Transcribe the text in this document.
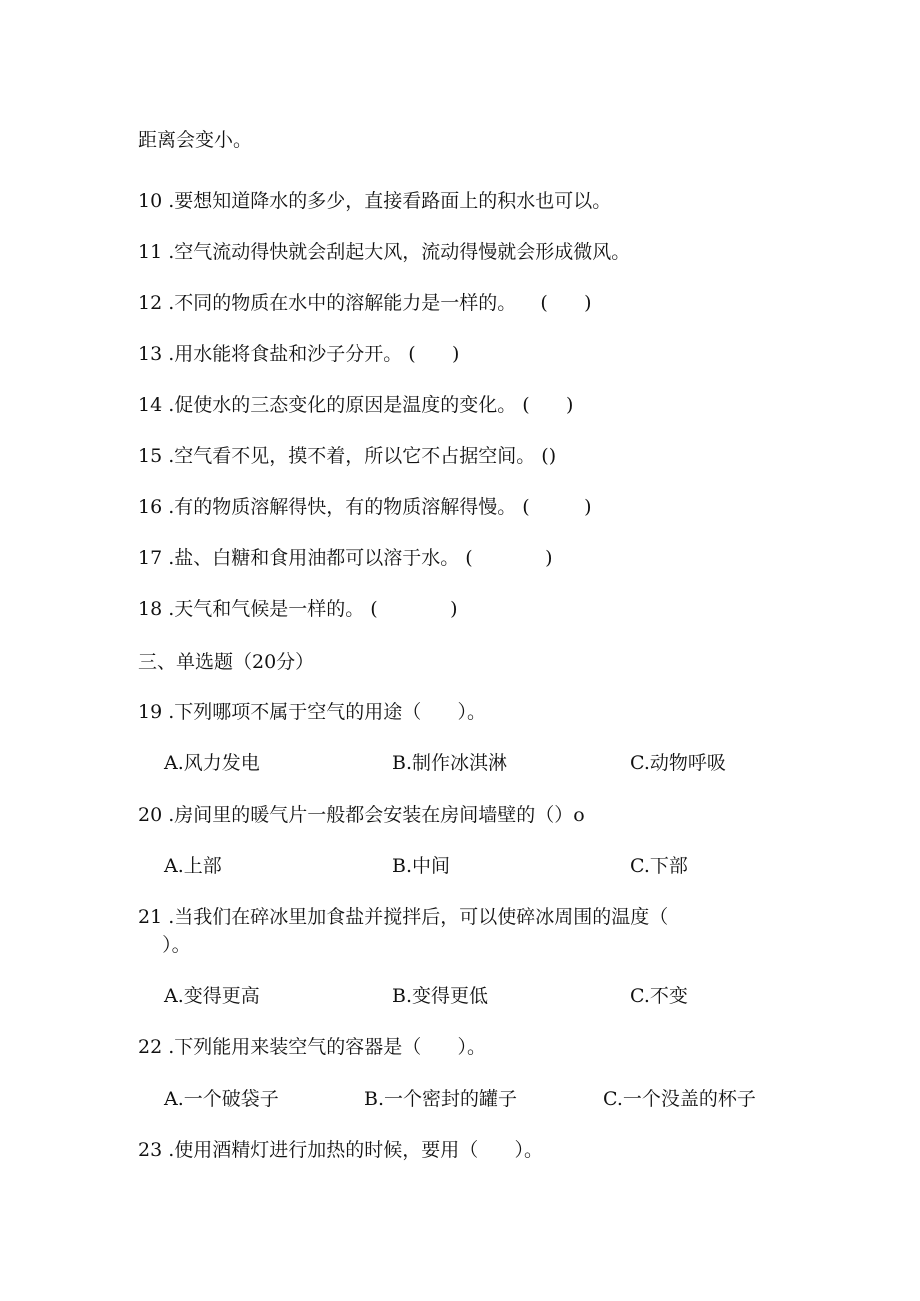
距离会变小。
10 .要想知道降水的多少，直接看路面上的积水也可以。
11 .空气流动得快就会刮起大风，流动得慢就会形成微风。
12 .不同的物质在水中的溶解能力是一样的。    (      )
13 .用水能将食盐和沙子分开。 (      )
14 .促使水的三态变化的原因是温度的变化。 (      )
15 .空气看不见，摸不着，所以它不占据空间。 ()
16 .有的物质溶解得快，有的物质溶解得慢。 (         )
17 .盐、白糖和食用油都可以溶于水。 (            )
18 .天气和气候是一样的。 (            )
三、单选题（20分）
19 .下列哪项不属于空气的用途（      ）。
A.风力发电	B.制作冰淇淋	C.动物呼吸
20 .房间里的暖气片一般都会安装在房间墙壁的（）o
A.上部	B.中间	C.下部
21 .当我们在碎冰里加食盐并搅拌后，可以使碎冰周围的温度（
）。
A.变得更高	B.变得更低	C.不变
22 .下列能用来装空气的容器是（      ）。
A.一个破袋子	B.一个密封的罐子	C.一个没盖的杯子
23 .使用酒精灯进行加热的时候，要用（      ）。
